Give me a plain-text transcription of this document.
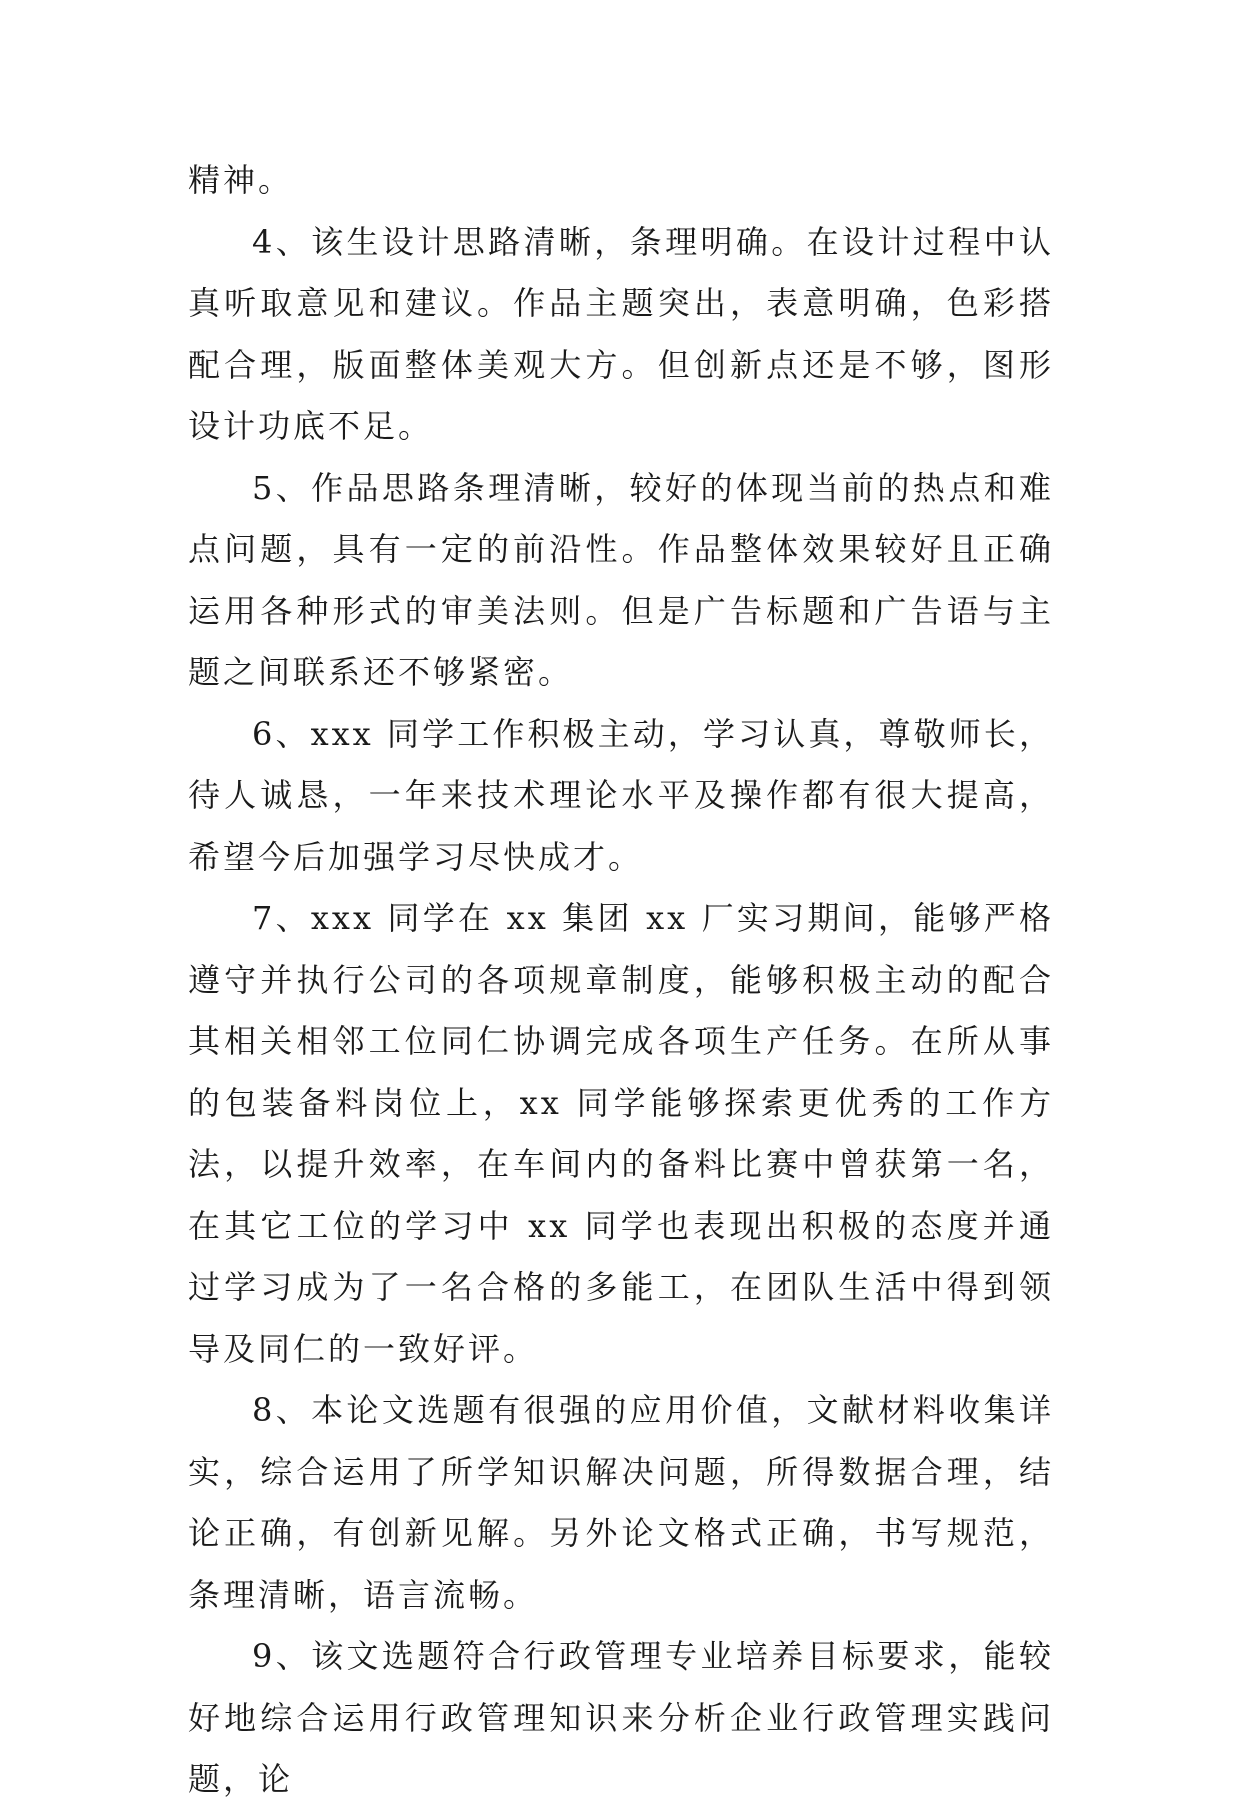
精神。

4、该生设计思路清晰，条理明确。在设计过程中认真听取意见和建议。作品主题突出，表意明确，色彩搭配合理，版面整体美观大方。但创新点还是不够，图形设计功底不足。

5、作品思路条理清晰，较好的体现当前的热点和难点问题，具有一定的前沿性。作品整体效果较好且正确运用各种形式的审美法则。但是广告标题和广告语与主题之间联系还不够紧密。

6、xxx 同学工作积极主动，学习认真，尊敬师长，待人诚恳，一年来技术理论水平及操作都有很大提高，希望今后加强学习尽快成才。

7、xxx 同学在 xx 集团 xx 厂实习期间，能够严格遵守并执行公司的各项规章制度，能够积极主动的配合其相关相邻工位同仁协调完成各项生产任务。在所从事的包装备料岗位上，xx 同学能够探索更优秀的工作方法，以提升效率，在车间内的备料比赛中曾获第一名，在其它工位的学习中 xx 同学也表现出积极的态度并通过学习成为了一名合格的多能工，在团队生活中得到领导及同仁的一致好评。

8、本论文选题有很强的应用价值，文献材料收集详实，综合运用了所学知识解决问题，所得数据合理，结论正确，有创新见解。另外论文格式正确，书写规范，条理清晰，语言流畅。

9、该文选题符合行政管理专业培养目标要求，能较好地综合运用行政管理知识来分析企业行政管理实践问题，论
